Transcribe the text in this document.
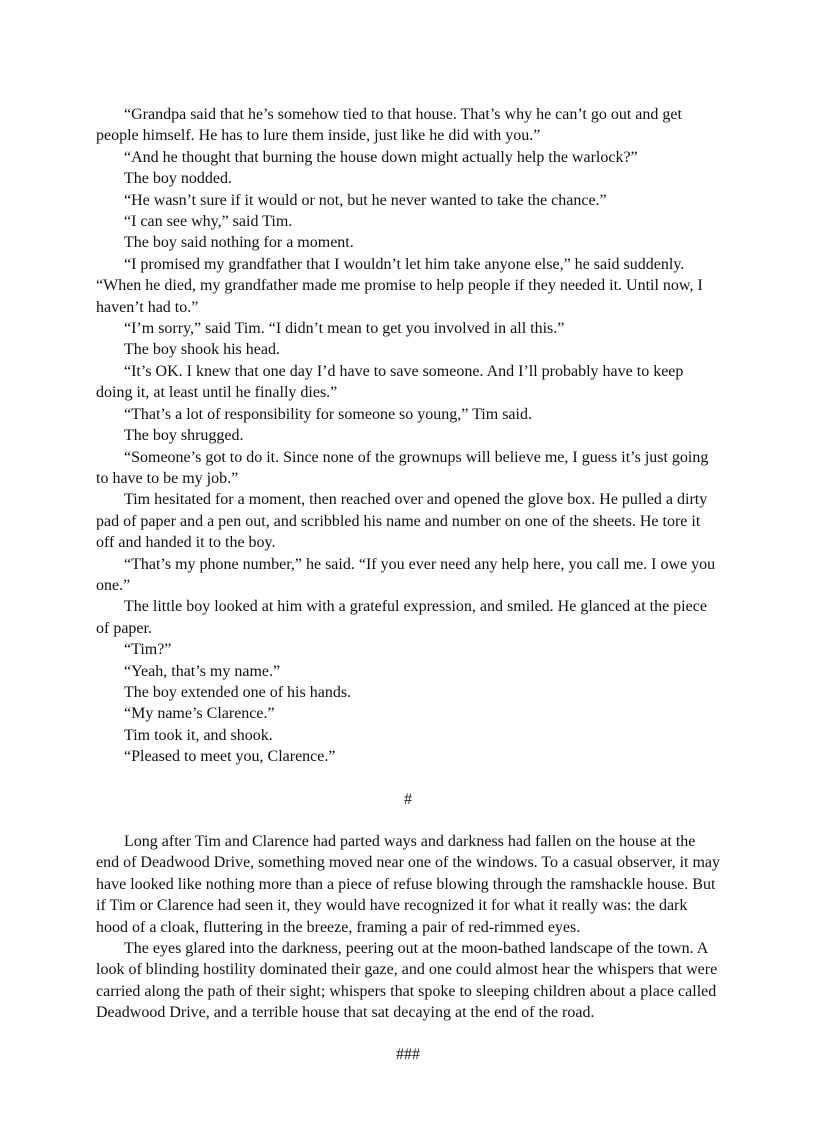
“Grandpa said that he’s somehow tied to that house. That’s why he can’t go out and get people himself. He has to lure them inside, just like he did with you.”

“And he thought that burning the house down might actually help the warlock?”

The boy nodded.

“He wasn’t sure if it would or not, but he never wanted to take the chance.”

“I can see why,” said Tim.

The boy said nothing for a moment.

“I promised my grandfather that I wouldn’t let him take anyone else,” he said suddenly. “When he died, my grandfather made me promise to help people if they needed it. Until now, I haven’t had to.”

“I’m sorry,” said Tim. “I didn’t mean to get you involved in all this.”

The boy shook his head.

“It’s OK. I knew that one day I’d have to save someone. And I’ll probably have to keep doing it, at least until he finally dies.”

“That’s a lot of responsibility for someone so young,” Tim said.

The boy shrugged.

“Someone’s got to do it. Since none of the grownups will believe me, I guess it’s just going to have to be my job.”

Tim hesitated for a moment, then reached over and opened the glove box. He pulled a dirty pad of paper and a pen out, and scribbled his name and number on one of the sheets. He tore it off and handed it to the boy.

“That’s my phone number,” he said. “If you ever need any help here, you call me. I owe you one.”

The little boy looked at him with a grateful expression, and smiled. He glanced at the piece of paper.

“Tim?”

“Yeah, that’s my name.”

The boy extended one of his hands.

“My name’s Clarence.”

Tim took it, and shook.

“Pleased to meet you, Clarence.”

#

Long after Tim and Clarence had parted ways and darkness had fallen on the house at the end of Deadwood Drive, something moved near one of the windows. To a casual observer, it may have looked like nothing more than a piece of refuse blowing through the ramshackle house. But if Tim or Clarence had seen it, they would have recognized it for what it really was: the dark hood of a cloak, fluttering in the breeze, framing a pair of red-rimmed eyes.

The eyes glared into the darkness, peering out at the moon-bathed landscape of the town. A look of blinding hostility dominated their gaze, and one could almost hear the whispers that were carried along the path of their sight; whispers that spoke to sleeping children about a place called Deadwood Drive, and a terrible house that sat decaying at the end of the road.

###
